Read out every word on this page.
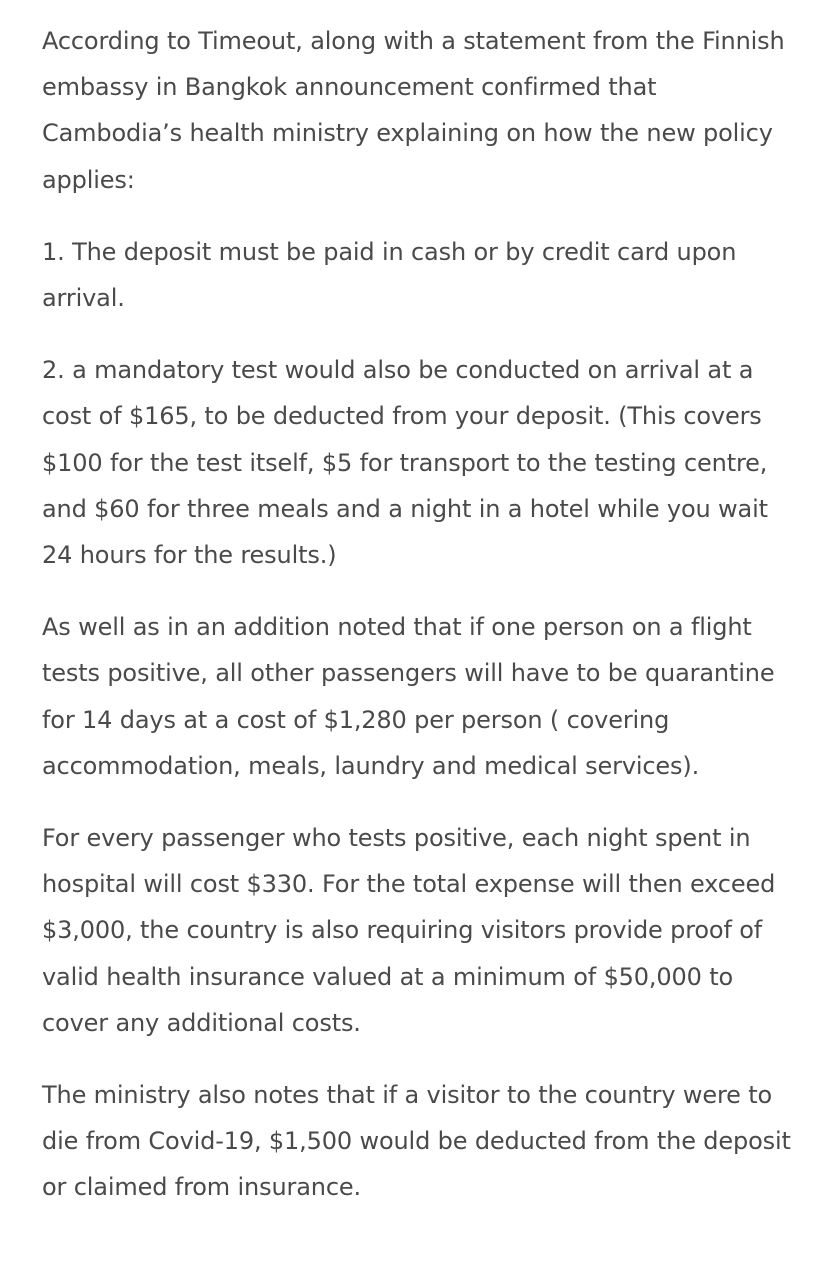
According to Timeout, along with a statement from the Finnish embassy in Bangkok announcement confirmed that Cambodia’s health ministry explaining on how the new policy applies:

1. The deposit must be paid in cash or by credit card upon arrival.

2. a mandatory test would also be conducted on arrival at a cost of $165, to be deducted from your deposit. (This covers $100 for the test itself, $5 for transport to the testing centre, and $60 for three meals and a night in a hotel while you wait 24 hours for the results.)

As well as in an addition noted that if one person on a flight tests positive, all other passengers will have to be quarantine for 14 days at a cost of $1,280 per person ( covering accommodation, meals, laundry and medical services).

For every passenger who tests positive, each night spent in hospital will cost $330. For the total expense will then exceed $3,000, the country is also requiring visitors provide proof of valid health insurance valued at a minimum of $50,000 to cover any additional costs.

The ministry also notes that if a visitor to the country were to die from Covid-19, $1,500 would be deducted from the deposit or claimed from insurance.
